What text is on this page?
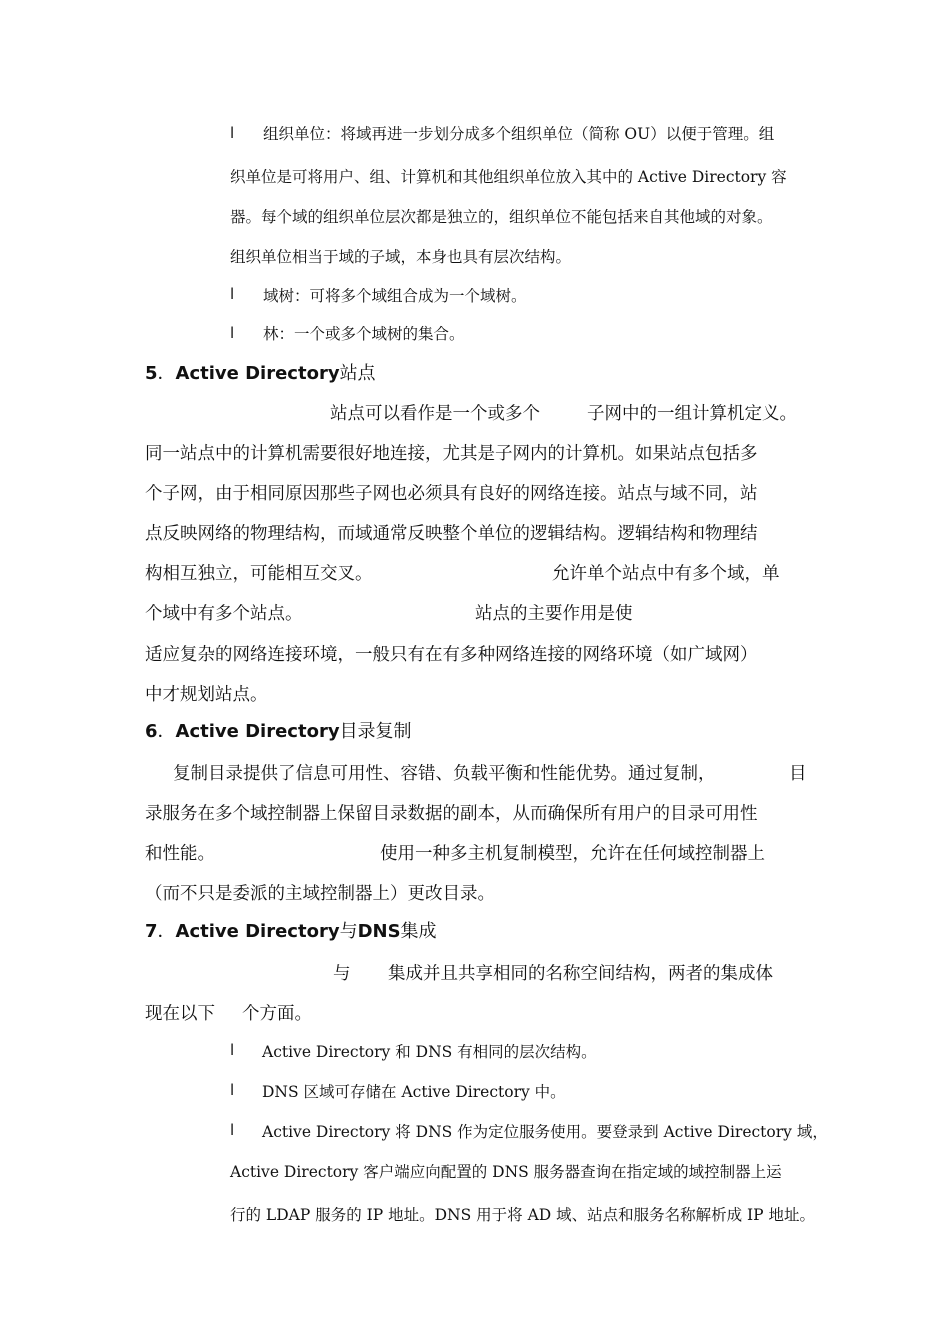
l 组织单位：将域再进一步划分成多个组织单位（简称 OU）以便于管理。组
织单位是可将用户、组、计算机和其他组织单位放入其中的 Active Directory 容
器。每个域的组织单位层次都是独立的，组织单位不能包括来自其他域的对象。
组织单位相当于域的子域，本身也具有层次结构。
l 域树：可将多个域组合成为一个域树。
l 林：一个或多个域树的集合。
5．Active Directory站点
站点可以看作是一个或多个	子网中的一组计算机定义。
同一站点中的计算机需要很好地连接，尤其是子网内的计算机。如果站点包括多
个子网，由于相同原因那些子网也必须具有良好的网络连接。站点与域不同，站
点反映网络的物理结构，而域通常反映整个单位的逻辑结构。逻辑结构和物理结
构相互独立，可能相互交叉。	允许单个站点中有多个域，单
个域中有多个站点。	站点的主要作用是使
适应复杂的网络连接环境，一般只有在有多种网络连接的网络环境（如广域网）
中才规划站点。
6．Active Directory目录复制
复制目录提供了信息可用性、容错、负载平衡和性能优势。通过复制，	目
录服务在多个域控制器上保留目录数据的副本，从而确保所有用户的目录可用性
和性能。	使用一种多主机复制模型，允许在任何域控制器上
（而不只是委派的主域控制器上）更改目录。
7．Active Directory与DNS集成
与 集成并且共享相同的名称空间结构，两者的集成体
现在以下 个方面。
l Active Directory 和 DNS 有相同的层次结构。
l DNS 区域可存储在 Active Directory 中。
l Active Directory 将 DNS 作为定位服务使用。要登录到 Active Directory 域，
Active Directory 客户端应向配置的 DNS 服务器查询在指定域的域控制器上运
行的 LDAP 服务的 IP 地址。DNS 用于将 AD 域、站点和服务名称解析成 IP 地址。
